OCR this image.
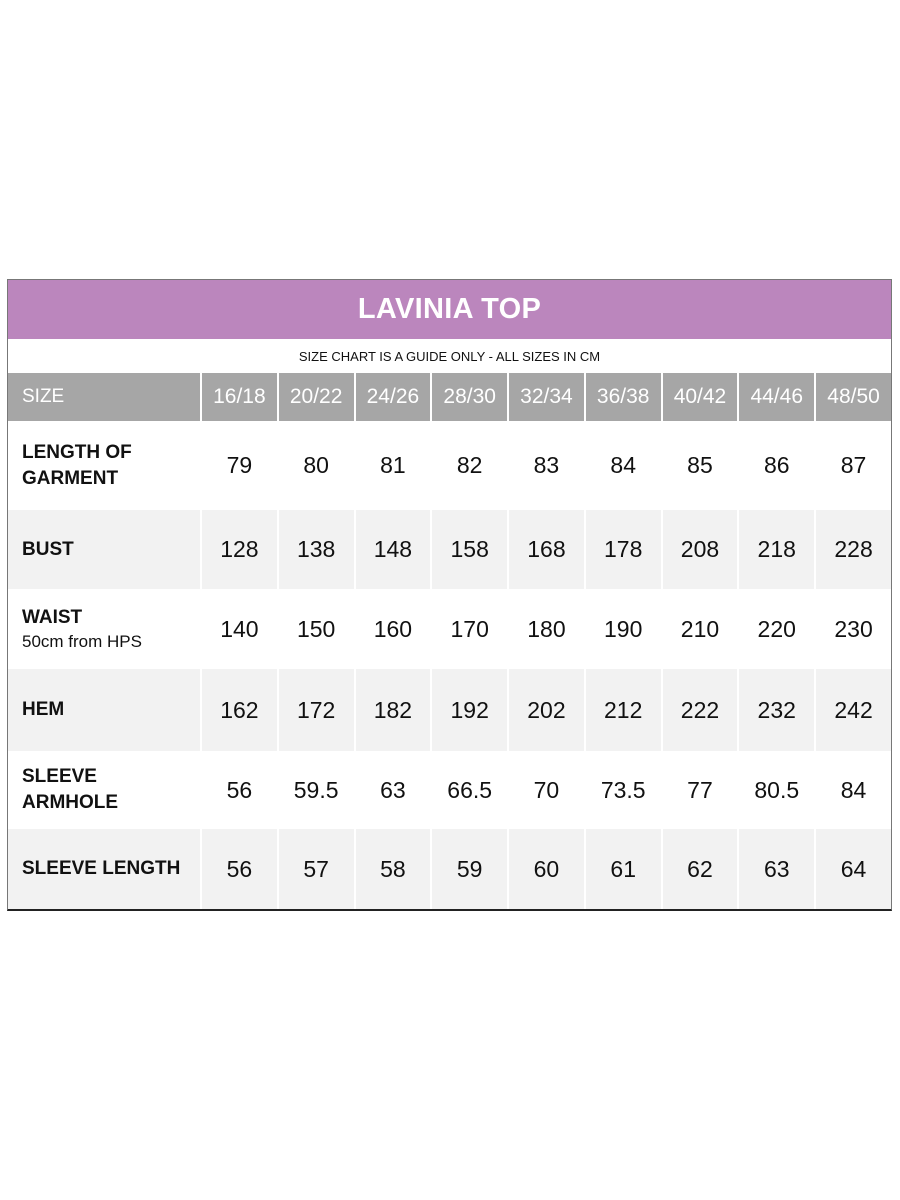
LAVINIA TOP
SIZE CHART IS A GUIDE ONLY - ALL SIZES IN CM
SIZE	16/18	20/22	24/26	28/30	32/34	36/38	40/42	44/46	48/50
LENGTH OF
GARMENT	79	80	81	82	83	84	85	86	87
BUST	128	138	148	158	168	178	208	218	228
WAIST
50cm from HPS	140	150	160	170	180	190	210	220	230
HEM	162	172	182	192	202	212	222	232	242
SLEEVE
ARMHOLE	56	59.5	63	66.5	70	73.5	77	80.5	84
SLEEVE LENGTH	56	57	58	59	60	61	62	63	64
